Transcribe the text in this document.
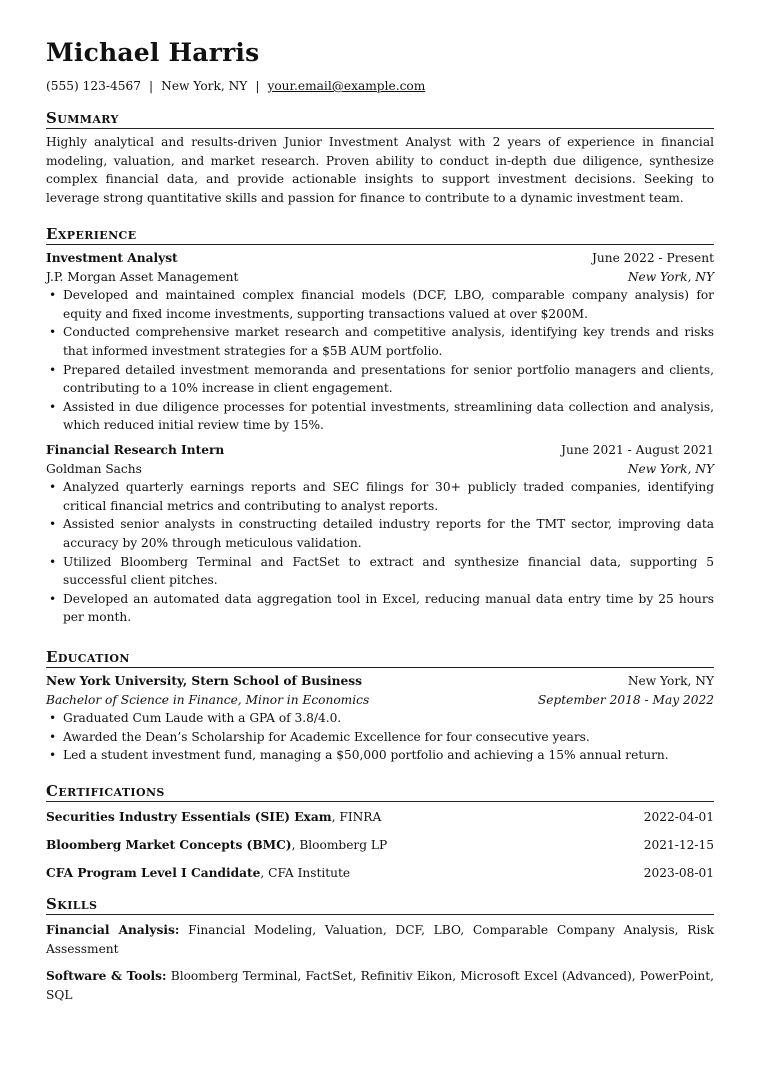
Michael Harris
(555) 123-4567 | New York, NY | your.email@example.com
Summary
Highly analytical and results-driven Junior Investment Analyst with 2 years of experience in financial modeling, valuation, and market research. Proven ability to conduct in-depth due diligence, synthesize complex financial data, and provide actionable insights to support investment decisions. Seeking to leverage strong quantitative skills and passion for finance to contribute to a dynamic investment team.
Experience
Investment Analyst	June 2022 - Present
J.P. Morgan Asset Management	New York, NY
• Developed and maintained complex financial models (DCF, LBO, comparable company analysis) for equity and fixed income investments, supporting transactions valued at over $200M.
• Conducted comprehensive market research and competitive analysis, identifying key trends and risks that informed investment strategies for a $5B AUM portfolio.
• Prepared detailed investment memoranda and presentations for senior portfolio managers and clients, contributing to a 10% increase in client engagement.
• Assisted in due diligence processes for potential investments, streamlining data collection and analysis, which reduced initial review time by 15%.
Financial Research Intern	June 2021 - August 2021
Goldman Sachs	New York, NY
• Analyzed quarterly earnings reports and SEC filings for 30+ publicly traded companies, identifying critical financial metrics and contributing to analyst reports.
• Assisted senior analysts in constructing detailed industry reports for the TMT sector, improving data accuracy by 20% through meticulous validation.
• Utilized Bloomberg Terminal and FactSet to extract and synthesize financial data, supporting 5 successful client pitches.
• Developed an automated data aggregation tool in Excel, reducing manual data entry time by 25 hours per month.
Education
New York University, Stern School of Business	New York, NY
Bachelor of Science in Finance, Minor in Economics	September 2018 - May 2022
• Graduated Cum Laude with a GPA of 3.8/4.0.
• Awarded the Dean’s Scholarship for Academic Excellence for four consecutive years.
• Led a student investment fund, managing a $50,000 portfolio and achieving a 15% annual return.
Certifications
Securities Industry Essentials (SIE) Exam, FINRA	2022-04-01
Bloomberg Market Concepts (BMC), Bloomberg LP	2021-12-15
CFA Program Level I Candidate, CFA Institute	2023-08-01
Skills
Financial Analysis: Financial Modeling, Valuation, DCF, LBO, Comparable Company Analysis, Risk Assessment
Software & Tools: Bloomberg Terminal, FactSet, Refinitiv Eikon, Microsoft Excel (Advanced), PowerPoint, SQL
